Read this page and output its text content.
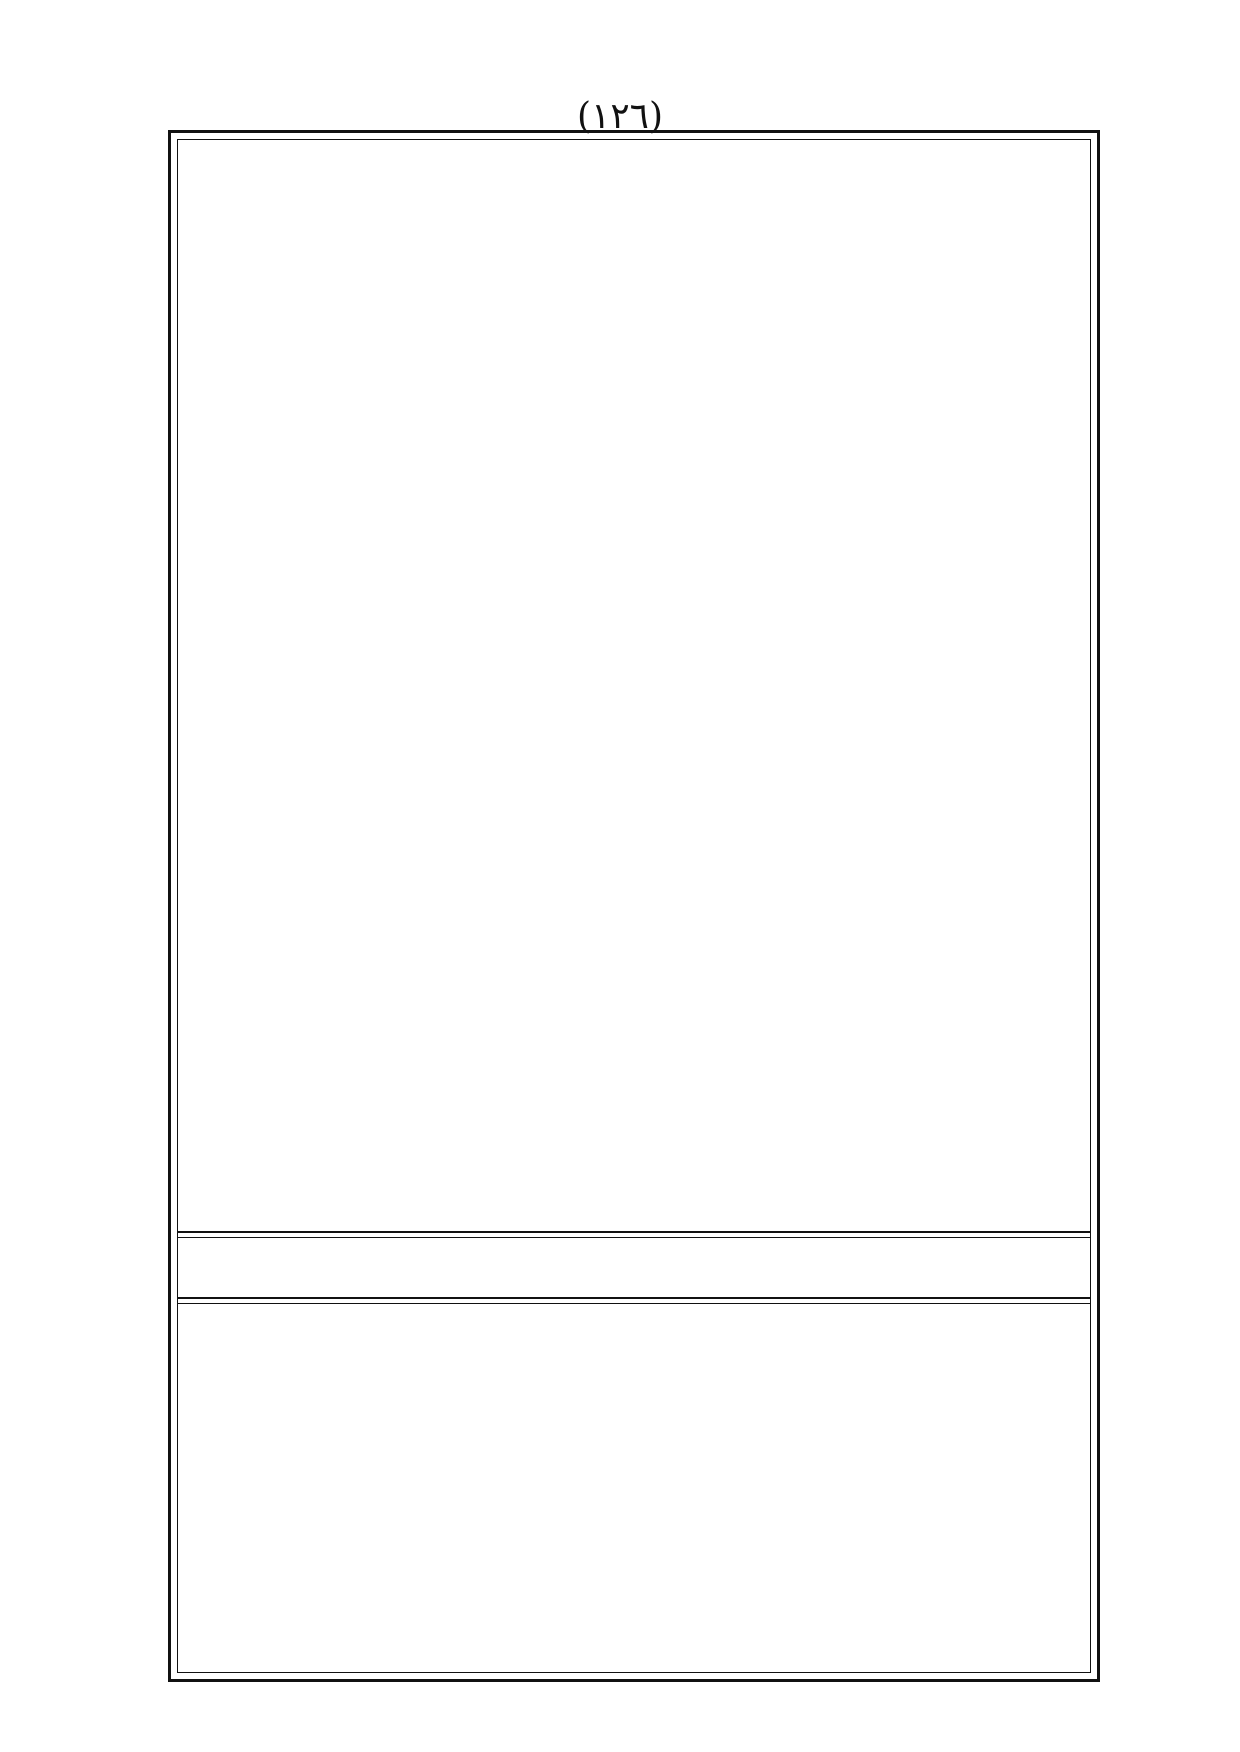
(١٢٦)
